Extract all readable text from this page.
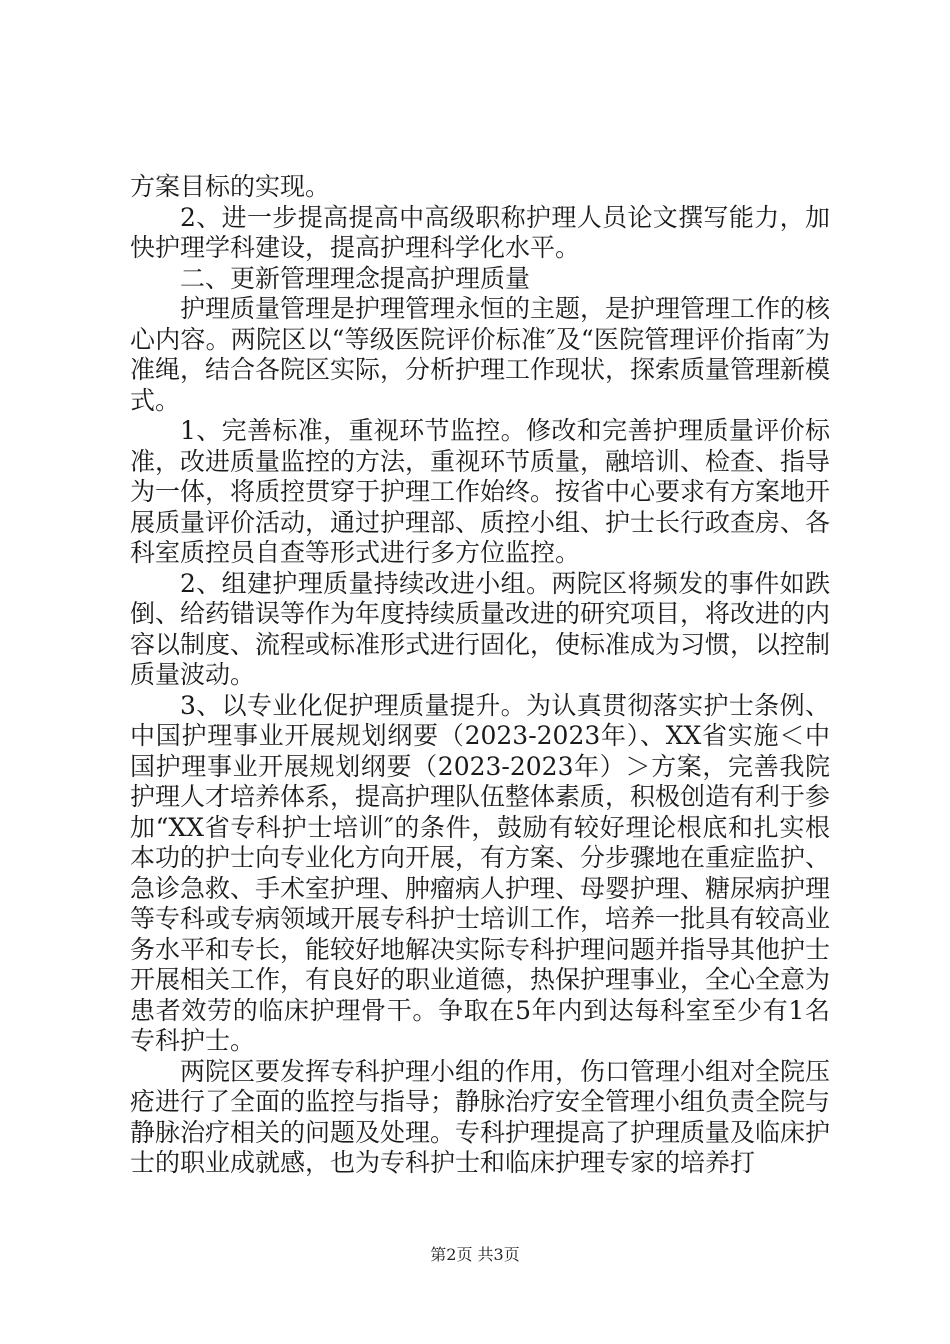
方案目标的实现。

2、进一步提高提高中高级职称护理人员论文撰写能力，加快护理学科建设，提高护理科学化水平。

二、更新管理理念提高护理质量

护理质量管理是护理管理永恒的主题，是护理管理工作的核心内容。两院区以“等级医院评价标准″及“医院管理评价指南″为准绳，结合各院区实际，分析护理工作现状，探索质量管理新模式。

1、完善标准，重视环节监控。修改和完善护理质量评价标准，改进质量监控的方法，重视环节质量，融培训、检查、指导为一体，将质控贯穿于护理工作始终。按省中心要求有方案地开展质量评价活动，通过护理部、质控小组、护士长行政查房、各科室质控员自查等形式进行多方位监控。

2、组建护理质量持续改进小组。两院区将频发的事件如跌倒、给药错误等作为年度持续质量改进的研究项目，将改进的内容以制度、流程或标准形式进行固化，使标准成为习惯，以控制质量波动。

3、以专业化促护理质量提升。为认真贯彻落实护士条例、中国护理事业开展规划纲要（2023-2023年）、XX省实施＜中国护理事业开展规划纲要（2023-2023年）＞方案，完善我院护理人才培养体系，提高护理队伍整体素质，积极创造有利于参加“XX省专科护士培训″的条件，鼓励有较好理论根底和扎实根本功的护士向专业化方向开展，有方案、分步骤地在重症监护、急诊急救、手术室护理、肿瘤病人护理、母婴护理、糖尿病护理等专科或专病领域开展专科护士培训工作，培养一批具有较高业务水平和专长，能较好地解决实际专科护理问题并指导其他护士开展相关工作，有良好的职业道德，热保护理事业，全心全意为患者效劳的临床护理骨干。争取在5年内到达每科室至少有1名专科护士。

两院区要发挥专科护理小组的作用，伤口管理小组对全院压疮进行了全面的监控与指导；静脉治疗安全管理小组负责全院与静脉治疗相关的问题及处理。专科护理提高了护理质量及临床护士的职业成就感，也为专科护士和临床护理专家的培养打

第2页 共3页
